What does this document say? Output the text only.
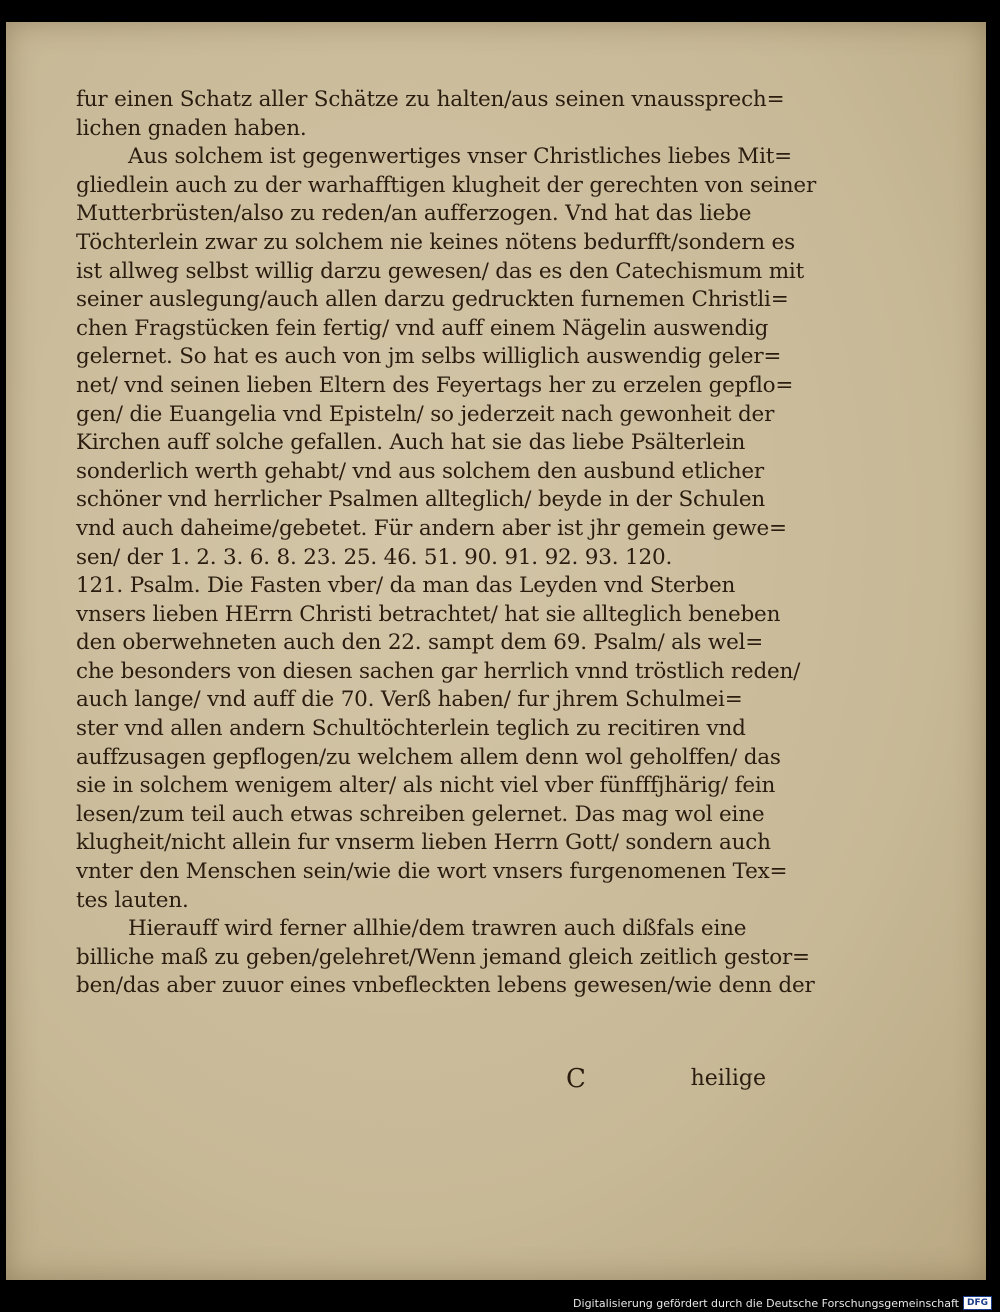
fur einen Schatz aller Schätze zu halten/aus seinen vnaussprech=
lichen gnaden haben.
Aus solchem ist gegenwertiges vnser Christliches liebes Mit=
gliedlein auch zu der warhafftigen klugheit der gerechten von seiner
Mutterbrüsten/also zu reden/an aufferzogen. Vnd hat das liebe
Töchterlein zwar zu solchem nie keines nötens bedurfft/sondern es
ist allweg selbst willig darzu gewesen/ das es den Catechismum mit
seiner auslegung/auch allen darzu gedruckten furnemen Christli=
chen Fragstücken fein fertig/ vnd auff einem Nägelin auswendig
gelernet. So hat es auch von jm selbs williglich auswendig geler=
net/ vnd seinen lieben Eltern des Feyertags her zu erzelen gepflo=
gen/ die Euangelia vnd Episteln/ so jederzeit nach gewonheit der
Kirchen auff solche gefallen. Auch hat sie das liebe Psälterlein
sonderlich werth gehabt/ vnd aus solchem den ausbund etlicher
schöner vnd herrlicher Psalmen allteglich/ beyde in der Schulen
vnd auch daheime/gebetet. Für andern aber ist jhr gemein gewe=
sen/ der 1. 2. 3. 6. 8. 23. 25. 46. 51. 90. 91. 92. 93. 120.
121. Psalm. Die Fasten vber/ da man das Leyden vnd Sterben
vnsers lieben HErrn Christi betrachtet/ hat sie allteglich beneben
den oberwehneten auch den 22. sampt dem 69. Psalm/ als wel=
che besonders von diesen sachen gar herrlich vnnd tröstlich reden/
auch lange/ vnd auff die 70. Verß haben/ fur jhrem Schulmei=
ster vnd allen andern Schultöchterlein teglich zu recitiren vnd
auffzusagen gepflogen/zu welchem allem denn wol geholffen/ das
sie in solchem wenigem alter/ als nicht viel vber fünfffjhärig/ fein
lesen/zum teil auch etwas schreiben gelernet. Das mag wol eine
klugheit/nicht allein fur vnserm lieben Herrn Gott/ sondern auch
vnter den Menschen sein/wie die wort vnsers furgenomenen Tex=
tes lauten.
Hierauff wird ferner allhie/dem trawren auch dißfals eine
billiche maß zu geben/gelehret/Wenn jemand gleich zeitlich gestor=
ben/das aber zuuor eines vnbefleckten lebens gewesen/wie denn der
C	heilige
Digitalisierung gefördert durch die Deutsche Forschungsgemeinschaft DFG
